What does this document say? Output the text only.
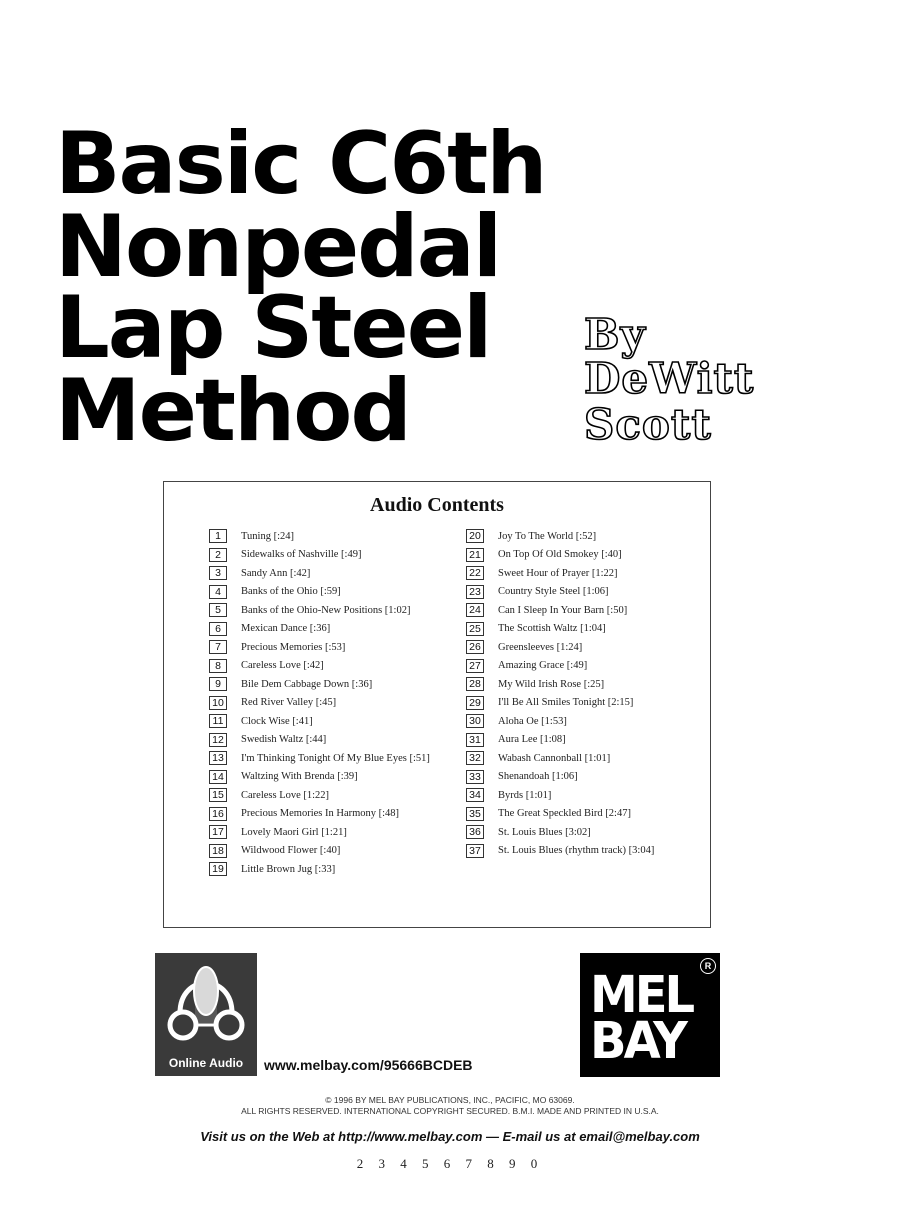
Basic C6th
Nonpedal
Lap Steel
Method
By
DeWitt
Scott
Audio Contents
1	Tuning [:24]
2	Sidewalks of Nashville [:49]
3	Sandy Ann [:42]
4	Banks of the Ohio [:59]
5	Banks of the Ohio-New Positions [1:02]
6	Mexican Dance [:36]
7	Precious Memories [:53]
8	Careless Love [:42]
9	Bile Dem Cabbage Down [:36]
10	Red River Valley [:45]
11	Clock Wise [:41]
12	Swedish Waltz [:44]
13	I'm Thinking Tonight Of My Blue Eyes [:51]
14	Waltzing With Brenda [:39]
15	Careless Love [1:22]
16	Precious Memories In Harmony [:48]
17	Lovely Maori Girl [1:21]
18	Wildwood Flower [:40]
19	Little Brown Jug [:33]
20	Joy To The World [:52]
21	On Top Of Old Smokey [:40]
22	Sweet Hour of Prayer [1:22]
23	Country Style Steel [1:06]
24	Can I Sleep In Your Barn [:50]
25	The Scottish Waltz [1:04]
26	Greensleeves [1:24]
27	Amazing Grace [:49]
28	My Wild Irish Rose [:25]
29	I'll Be All Smiles Tonight [2:15]
30	Aloha Oe [1:53]
31	Aura Lee [1:08]
32	Wabash Cannonball [1:01]
33	Shenandoah [1:06]
34	Byrds [1:01]
35	The Great Speckled Bird [2:47]
36	St. Louis Blues [3:02]
37	St. Louis Blues (rhythm track) [3:04]
Online Audio	www.melbay.com/95666BCDEB
MEL
BAY
R
© 1996 BY MEL BAY PUBLICATIONS, INC., PACIFIC, MO 63069.
ALL RIGHTS RESERVED. INTERNATIONAL COPYRIGHT SECURED. B.M.I. MADE AND PRINTED IN U.S.A.
Visit us on the Web at http://www.melbay.com — E-mail us at email@melbay.com
2 3 4 5 6 7 8 9 0
